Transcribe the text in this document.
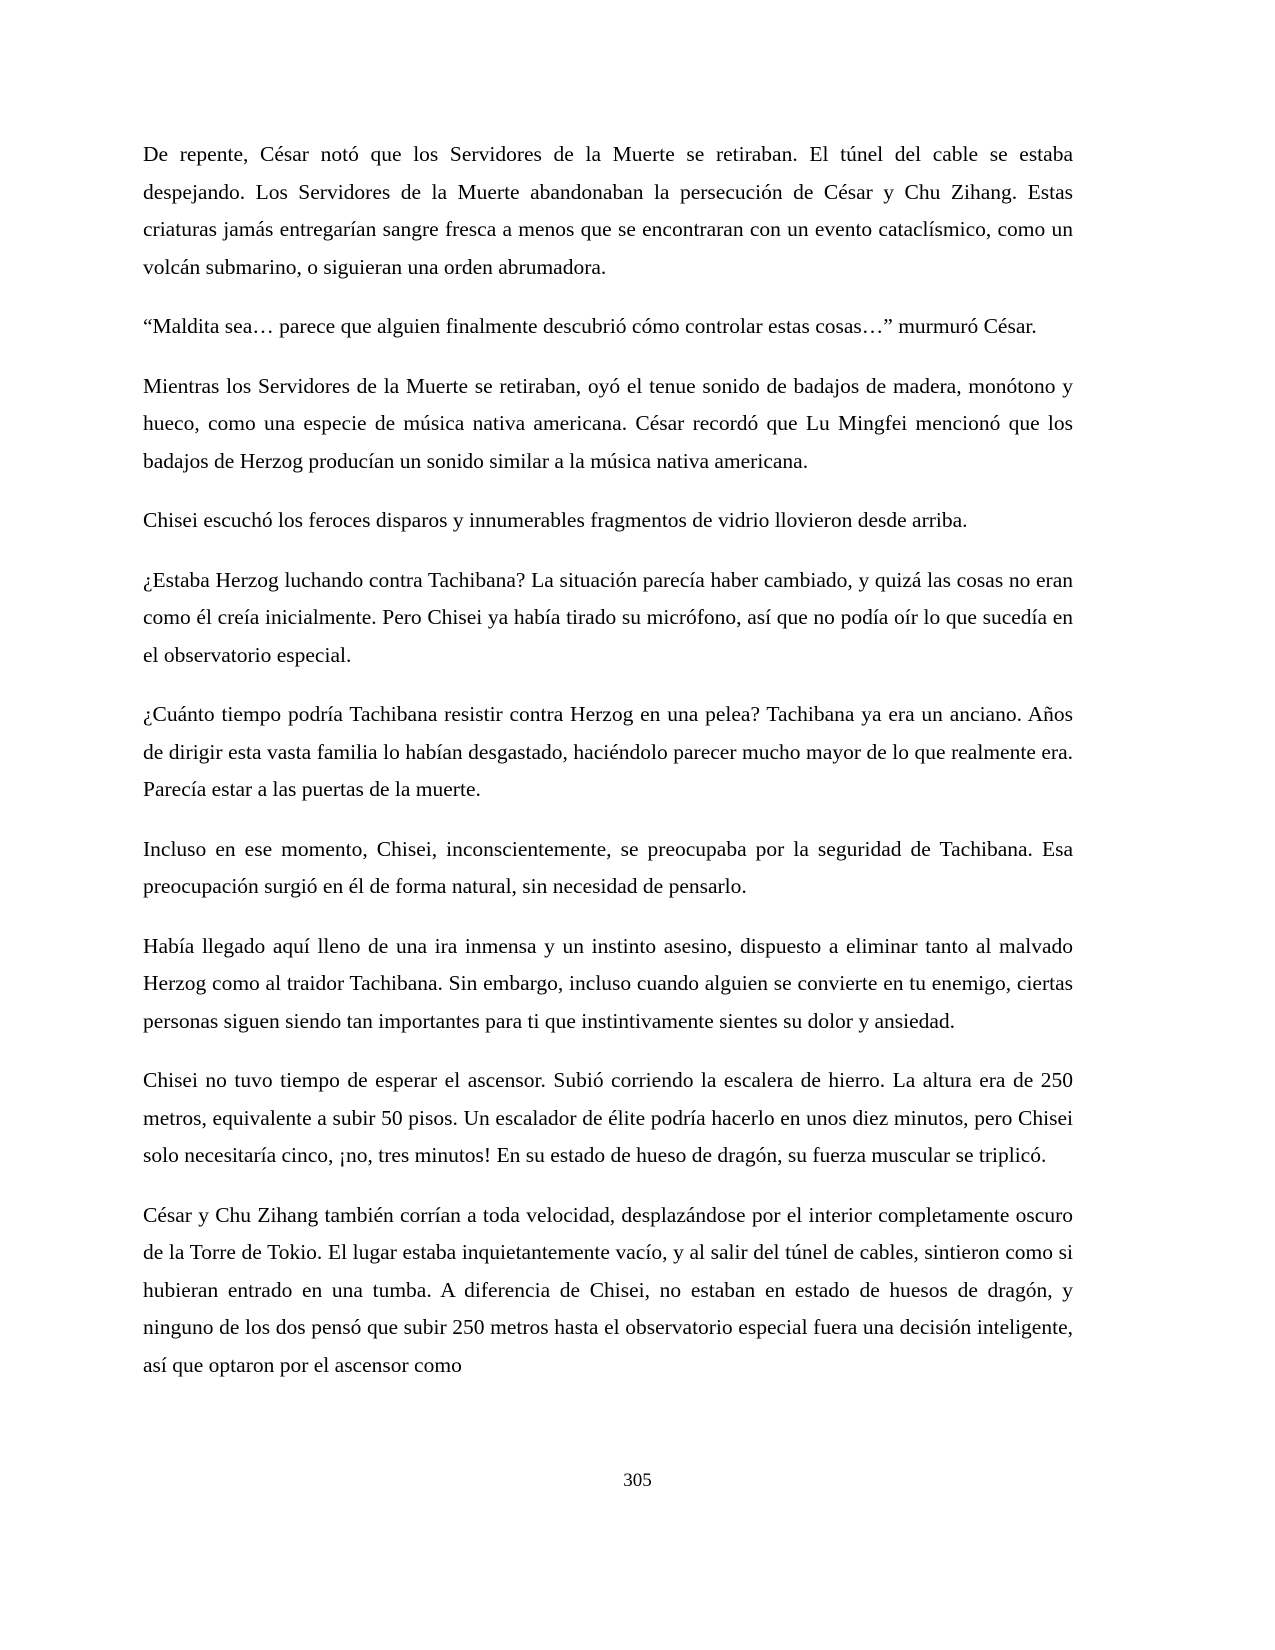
De repente, César notó que los Servidores de la Muerte se retiraban. El túnel del cable se estaba despejando. Los Servidores de la Muerte abandonaban la persecución de César y Chu Zihang. Estas criaturas jamás entregarían sangre fresca a menos que se encontraran con un evento cataclísmico, como un volcán submarino, o siguieran una orden abrumadora.

“Maldita sea… parece que alguien finalmente descubrió cómo controlar estas cosas…” murmuró César.

Mientras los Servidores de la Muerte se retiraban, oyó el tenue sonido de badajos de madera, monótono y hueco, como una especie de música nativa americana. César recordó que Lu Mingfei mencionó que los badajos de Herzog producían un sonido similar a la música nativa americana.

Chisei escuchó los feroces disparos y innumerables fragmentos de vidrio llovieron desde arriba.

¿Estaba Herzog luchando contra Tachibana? La situación parecía haber cambiado, y quizá las cosas no eran como él creía inicialmente. Pero Chisei ya había tirado su micrófono, así que no podía oír lo que sucedía en el observatorio especial.

¿Cuánto tiempo podría Tachibana resistir contra Herzog en una pelea? Tachibana ya era un anciano. Años de dirigir esta vasta familia lo habían desgastado, haciéndolo parecer mucho mayor de lo que realmente era. Parecía estar a las puertas de la muerte.

Incluso en ese momento, Chisei, inconscientemente, se preocupaba por la seguridad de Tachibana. Esa preocupación surgió en él de forma natural, sin necesidad de pensarlo.

Había llegado aquí lleno de una ira inmensa y un instinto asesino, dispuesto a eliminar tanto al malvado Herzog como al traidor Tachibana. Sin embargo, incluso cuando alguien se convierte en tu enemigo, ciertas personas siguen siendo tan importantes para ti que instintivamente sientes su dolor y ansiedad.

Chisei no tuvo tiempo de esperar el ascensor. Subió corriendo la escalera de hierro. La altura era de 250 metros, equivalente a subir 50 pisos. Un escalador de élite podría hacerlo en unos diez minutos, pero Chisei solo necesitaría cinco, ¡no, tres minutos! En su estado de hueso de dragón, su fuerza muscular se triplicó.

César y Chu Zihang también corrían a toda velocidad, desplazándose por el interior completamente oscuro de la Torre de Tokio. El lugar estaba inquietantemente vacío, y al salir del túnel de cables, sintieron como si hubieran entrado en una tumba. A diferencia de Chisei, no estaban en estado de huesos de dragón, y ninguno de los dos pensó que subir 250 metros hasta el observatorio especial fuera una decisión inteligente, así que optaron por el ascensor como

305
